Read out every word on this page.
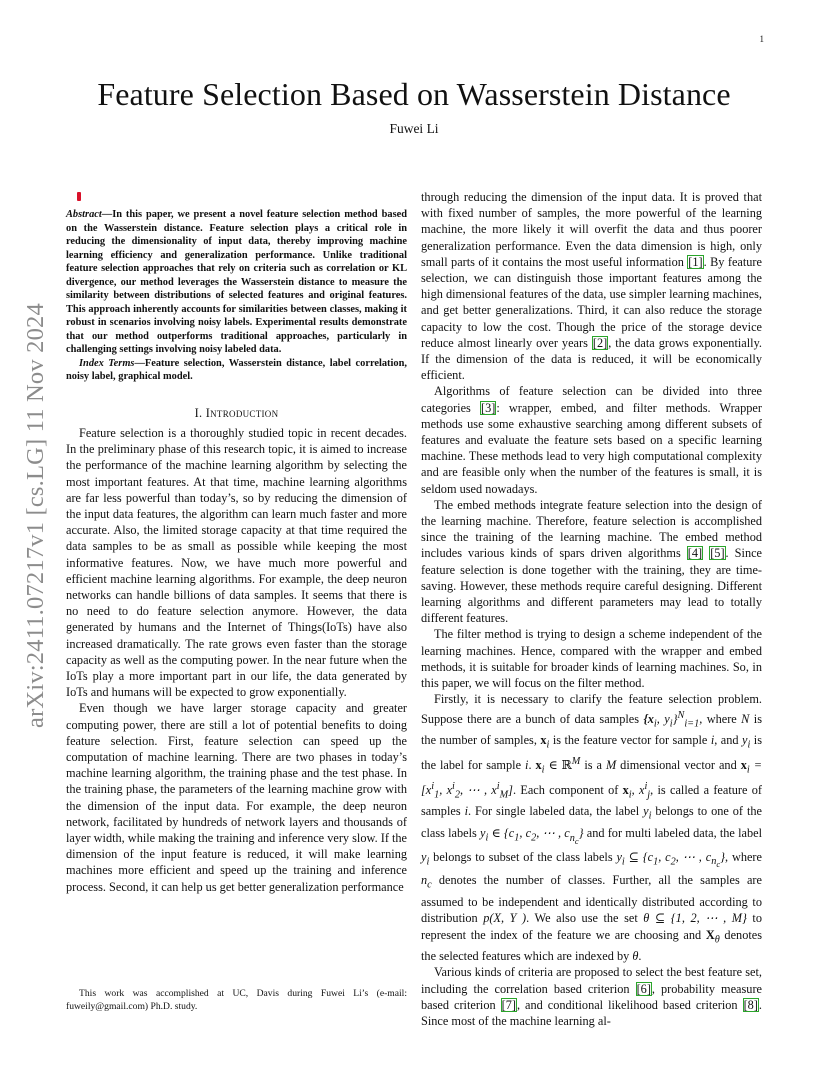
1
arXiv:2411.07217v1 [cs.LG] 11 Nov 2024
Feature Selection Based on Wasserstein Distance
Fuwei Li

Abstract—In this paper, we present a novel feature selection method based on the Wasserstein distance. Feature selection plays a critical role in reducing the dimensionality of input data, thereby improving machine learning efficiency and generalization performance. Unlike traditional feature selection approaches that rely on criteria such as correlation or KL divergence, our method leverages the Wasserstein distance to measure the similarity between distributions of selected features and original features. This approach inherently accounts for similarities between classes, making it robust in scenarios involving noisy labels. Experimental results demonstrate that our method outperforms traditional approaches, particularly in challenging settings involving noisy labeled data.

Index Terms—Feature selection, Wasserstein distance, label correlation, noisy label, graphical model.

I. Introduction

Feature selection is a thoroughly studied topic in recent decades. In the preliminary phase of this research topic, it is aimed to increase the performance of the machine learning algorithm by selecting the most important features. At that time, machine learning algorithms are far less powerful than today’s, so by reducing the dimension of the input data features, the algorithm can learn much faster and more accurate. Also, the limited storage capacity at that time required the data samples to be as small as possible while keeping the most informative features. Now, we have much more powerful and efficient machine learning algorithms. For example, the deep neuron networks can handle billions of data samples. It seems that there is no need to do feature selection anymore. However, the data generated by humans and the Internet of Things(IoTs) have also increased dramatically. The rate grows even faster than the storage capacity as well as the computing power. In the near future when the IoTs play a more important part in our life, the data generated by IoTs and humans will be expected to grow exponentially.

Even though we have larger storage capacity and greater computing power, there are still a lot of potential benefits to doing feature selection. First, feature selection can speed up the computation of machine learning. There are two phases in today’s machine learning algorithm, the training phase and the test phase. In the training phase, the parameters of the learning machine grow with the dimension of the input data. For example, the deep neuron network, facilitated by hundreds of network layers and thousands of layer width, while making the training and inference very slow. If the dimension of the input feature is reduced, it will make learning machines more efficient and speed up the training and inference process. Second, it can help us get better generalization performance

This work was accomplished at UC, Davis during Fuwei Li’s (e-mail: fuweily@gmail.com) Ph.D. study.

through reducing the dimension of the input data. It is proved that with fixed number of samples, the more powerful of the learning machine, the more likely it will overfit the data and thus poorer generalization performance. Even the data dimension is high, only small parts of it contains the most useful information [1]. By feature selection, we can distinguish those important features among the high dimensional features of the data, use simpler learning machines, and get better generalizations. Third, it can also reduce the storage capacity to low the cost. Though the price of the storage device reduce almost linearly over years [2], the data grows exponentially. If the dimension of the data is reduced, it will be economically efficient.

Algorithms of feature selection can be divided into three categories [3]: wrapper, embed, and filter methods. Wrapper methods use some exhaustive searching among different subsets of features and evaluate the feature sets based on a specific learning machine. These methods lead to very high computational complexity and are feasible only when the number of the features is small, it is seldom used nowadays.

The embed methods integrate feature selection into the design of the learning machine. Therefore, feature selection is accomplished since the training of the learning machine. The embed method includes various kinds of spars driven algorithms [4] [5]. Since feature selection is done together with the training, they are time-saving. However, these methods require careful designing. Different learning algorithms and different parameters may lead to totally different features.

The filter method is trying to design a scheme independent of the learning machines. Hence, compared with the wrapper and embed methods, it is suitable for broader kinds of learning machines. So, in this paper, we will focus on the filter method.

Firstly, it is necessary to clarify the feature selection problem. Suppose there are a bunch of data samples {$x_i$, $y_i\}^N_{i=1}$, where N is the number of samples, $x_i$ is the feature vector for sample i, and $y_i$ is the label for sample i. $x_i$ ∈ ℝ$^M$ is a M dimensional vector and $x_i = [x^i_1$, $x^i_2$, ⋯ , $x^i_M$]. Each component of $x_i$, $x^i_j$, is called a feature of samples i. For single labeled data, the label $y_i$ belongs to one of the class labels $y_i$ ∈ {$c_1$, $c_2$, ⋯ , $c_{n_c}$} and for multi labeled data, the label $y_i$ belongs to subset of the class labels $y_i$ ⊆ {$c_1$, $c_2$, ⋯ , $c_{n_c}$}, where $n_c$ denotes the number of classes. Further, all the samples are assumed to be independent and identically distributed according to distribution p(X, Y ). We also use the set θ ⊆ {1, 2, ⋯ , M} to represent the index of the feature we are choosing and $X_\theta$ denotes the selected features which are indexed by θ.

Various kinds of criteria are proposed to select the best feature set, including the correlation based criterion [6], probability measure based criterion [7], and conditional likelihood based criterion [8]. Since most of the machine learning al-
